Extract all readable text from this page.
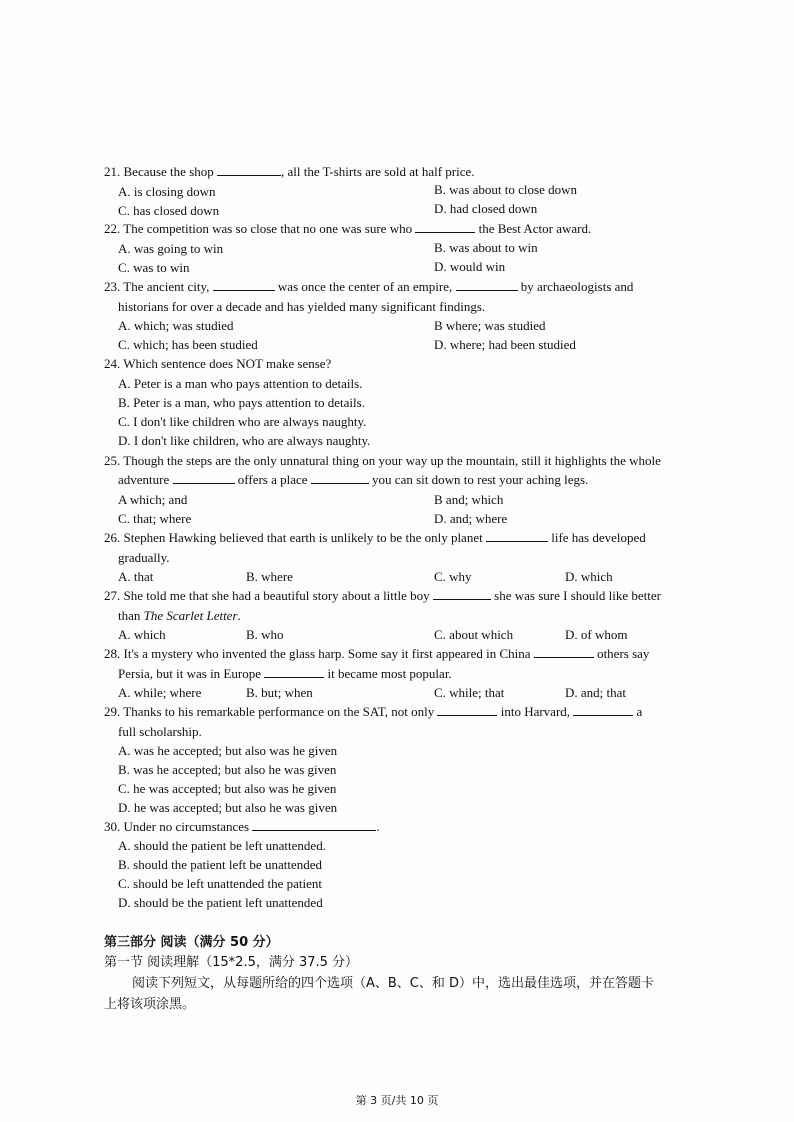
21. Because the shop	, all the T-shirts are sold at half price.
A. is closing down	B. was about to close down
C. has closed down	D. had closed down
22. The competition was so close that no one was sure who	the Best Actor award.
A. was going to win	B. was about to win
C. was to win	D. would win
23. The ancient city,	was once the center of an empire,	by archaeologists and
historians for over a decade and has yielded many significant findings.
A. which; was studied	B where; was studied
C. which; has been studied	D. where; had been studied
24. Which sentence does NOT make sense?
A. Peter is a man who pays attention to details.
B. Peter is a man, who pays attention to details.
C. I don't like children who are always naughty.
D. I don't like children, who are always naughty.
25. Though the steps are the only unnatural thing on your way up the mountain, still it highlights the whole
adventure	offers a place	you can sit down to rest your aching legs.
A which; and	B and; which
C. that; where	D. and; where
26. Stephen Hawking believed that earth is unlikely to be the only planet	life has developed
gradually.
A. that	B. where	C. why	D. which
27. She told me that she had a beautiful story about a little boy	she was sure I should like better
than The Scarlet Letter.
A. which	B. who	C. about which	D. of whom
28. It's a mystery who invented the glass harp. Some say it first appeared in China	others say
Persia, but it was in Europe	it became most popular.
A. while; where	B. but; when	C. while; that	D. and; that
29. Thanks to his remarkable performance on the SAT, not only	into Harvard,	a
full scholarship.
A. was he accepted; but also was he given
B. was he accepted; but also he was given
C. he was accepted; but also was he given
D. he was accepted; but also he was given
30. Under no circumstances	.
A. should the patient be left unattended.
B. should the patient left be unattended
C. should be left unattended the patient
D. should be the patient left unattended
第三部分 阅读（满分 50 分）
第一节 阅读理解（15*2.5，满分 37.5 分）
阅读下列短文，从每题所给的四个选项（A、B、C、和 D）中，选出最佳选项，并在答题卡
上将该项涂黑。
第 3 页/共 10 页
